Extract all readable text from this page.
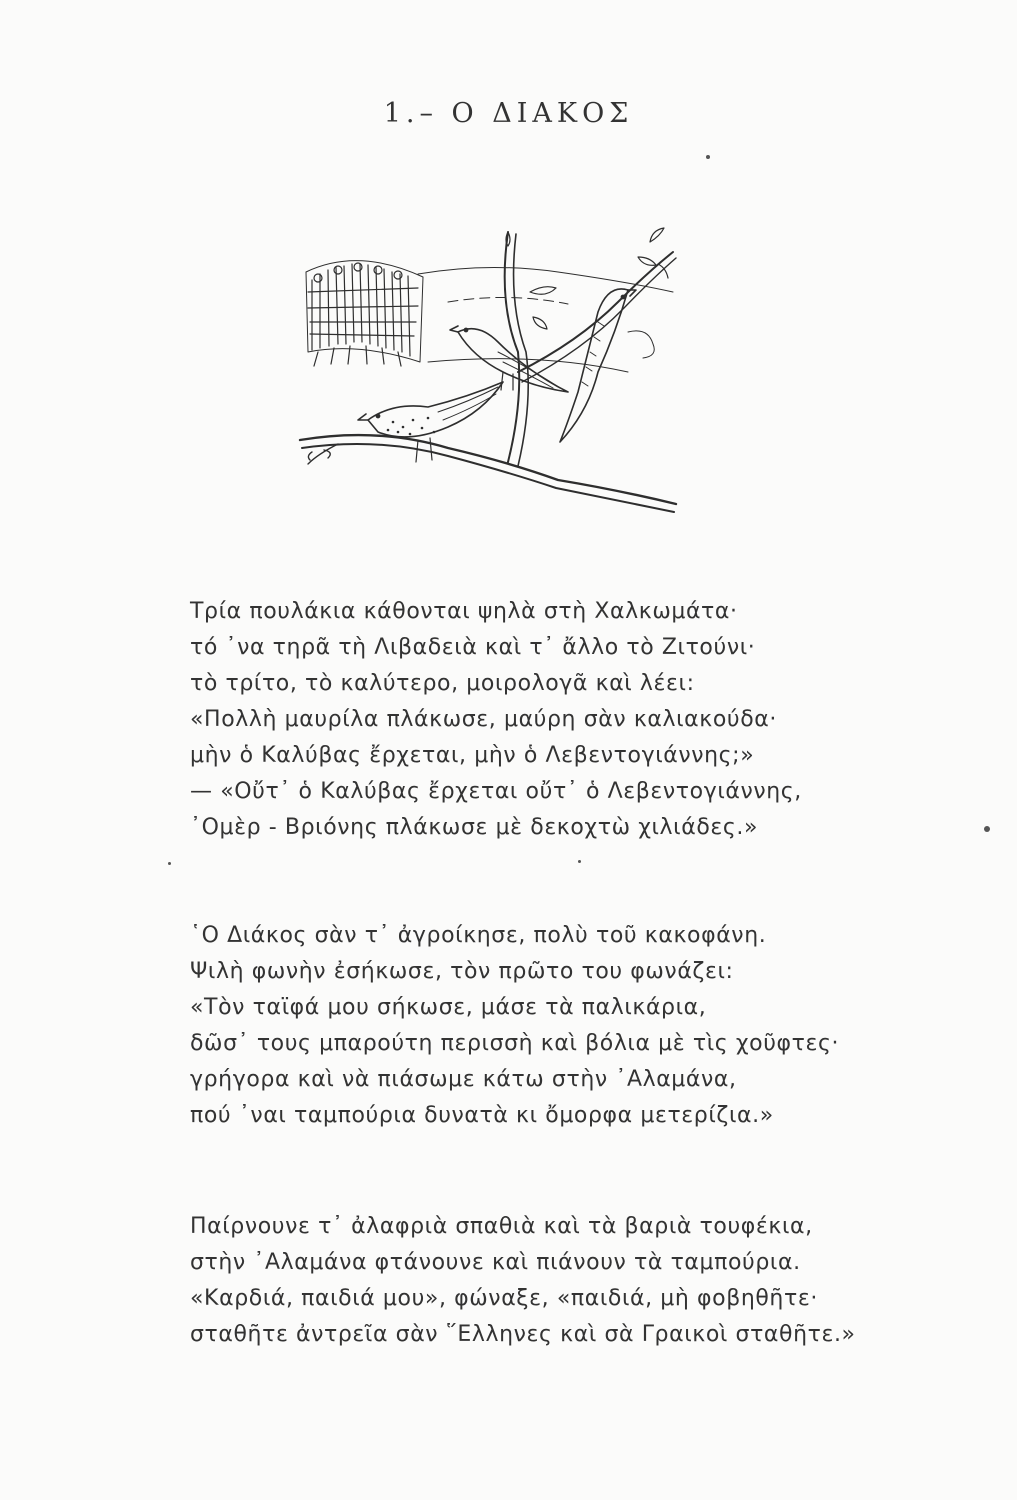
1.– Ο ΔΙΑΚΟΣ
Τρία πουλάκια κάθονται ψηλὰ στὴ Χαλκωμάτα·
τό ᾽να τηρᾶ τὴ Λιβαδειὰ καὶ τ᾽ ἄλλο τὸ Ζιτούνι·
τὸ τρίτο, τὸ καλύτερο, μοιρολογᾶ καὶ λέει:
«Πολλὴ μαυρίλα πλάκωσε, μαύρη σὰν καλιακούδα·
μὴν ὁ Καλύβας ἔρχεται, μὴν ὁ Λεβεντογιάννης;»
— «Οὔτ᾽ ὁ Καλύβας ἔρχεται οὔτ᾽ ὁ Λεβεντογιάννης,
᾽Ομὲρ - Βριόνης πλάκωσε μὲ δεκοχτὼ χιλιάδες.»
῾Ο Διάκος σὰν τ᾽ ἀγροίκησε, πολὺ τοῦ κακοφάνη.
Ψιλὴ φωνὴν ἐσήκωσε, τὸν πρῶτο του φωνάζει:
«Τὸν ταϊφά μου σήκωσε, μάσε τὰ παλικάρια,
δῶσ᾽ τους μπαρούτη περισσὴ καὶ βόλια μὲ τὶς χοῦφτες·
γρήγορα καὶ νὰ πιάσωμε κάτω στὴν ᾽Αλαμάνα,
πού ᾽ναι ταμπούρια δυνατὰ κι ὄμορφα μετερίζια.»
Παίρνουνε τ᾽ ἀλαφριὰ σπαθιὰ καὶ τὰ βαριὰ τουφέκια,
στὴν ᾽Αλαμάνα φτάνουνε καὶ πιάνουν τὰ ταμπούρια.
«Καρδιά, παιδιά μου», φώναξε, «παιδιά, μὴ φοβηθῆτε·
σταθῆτε ἀντρεῖα σὰν ῞Ελληνες καὶ σὰ Γραικοὶ σταθῆτε.»
